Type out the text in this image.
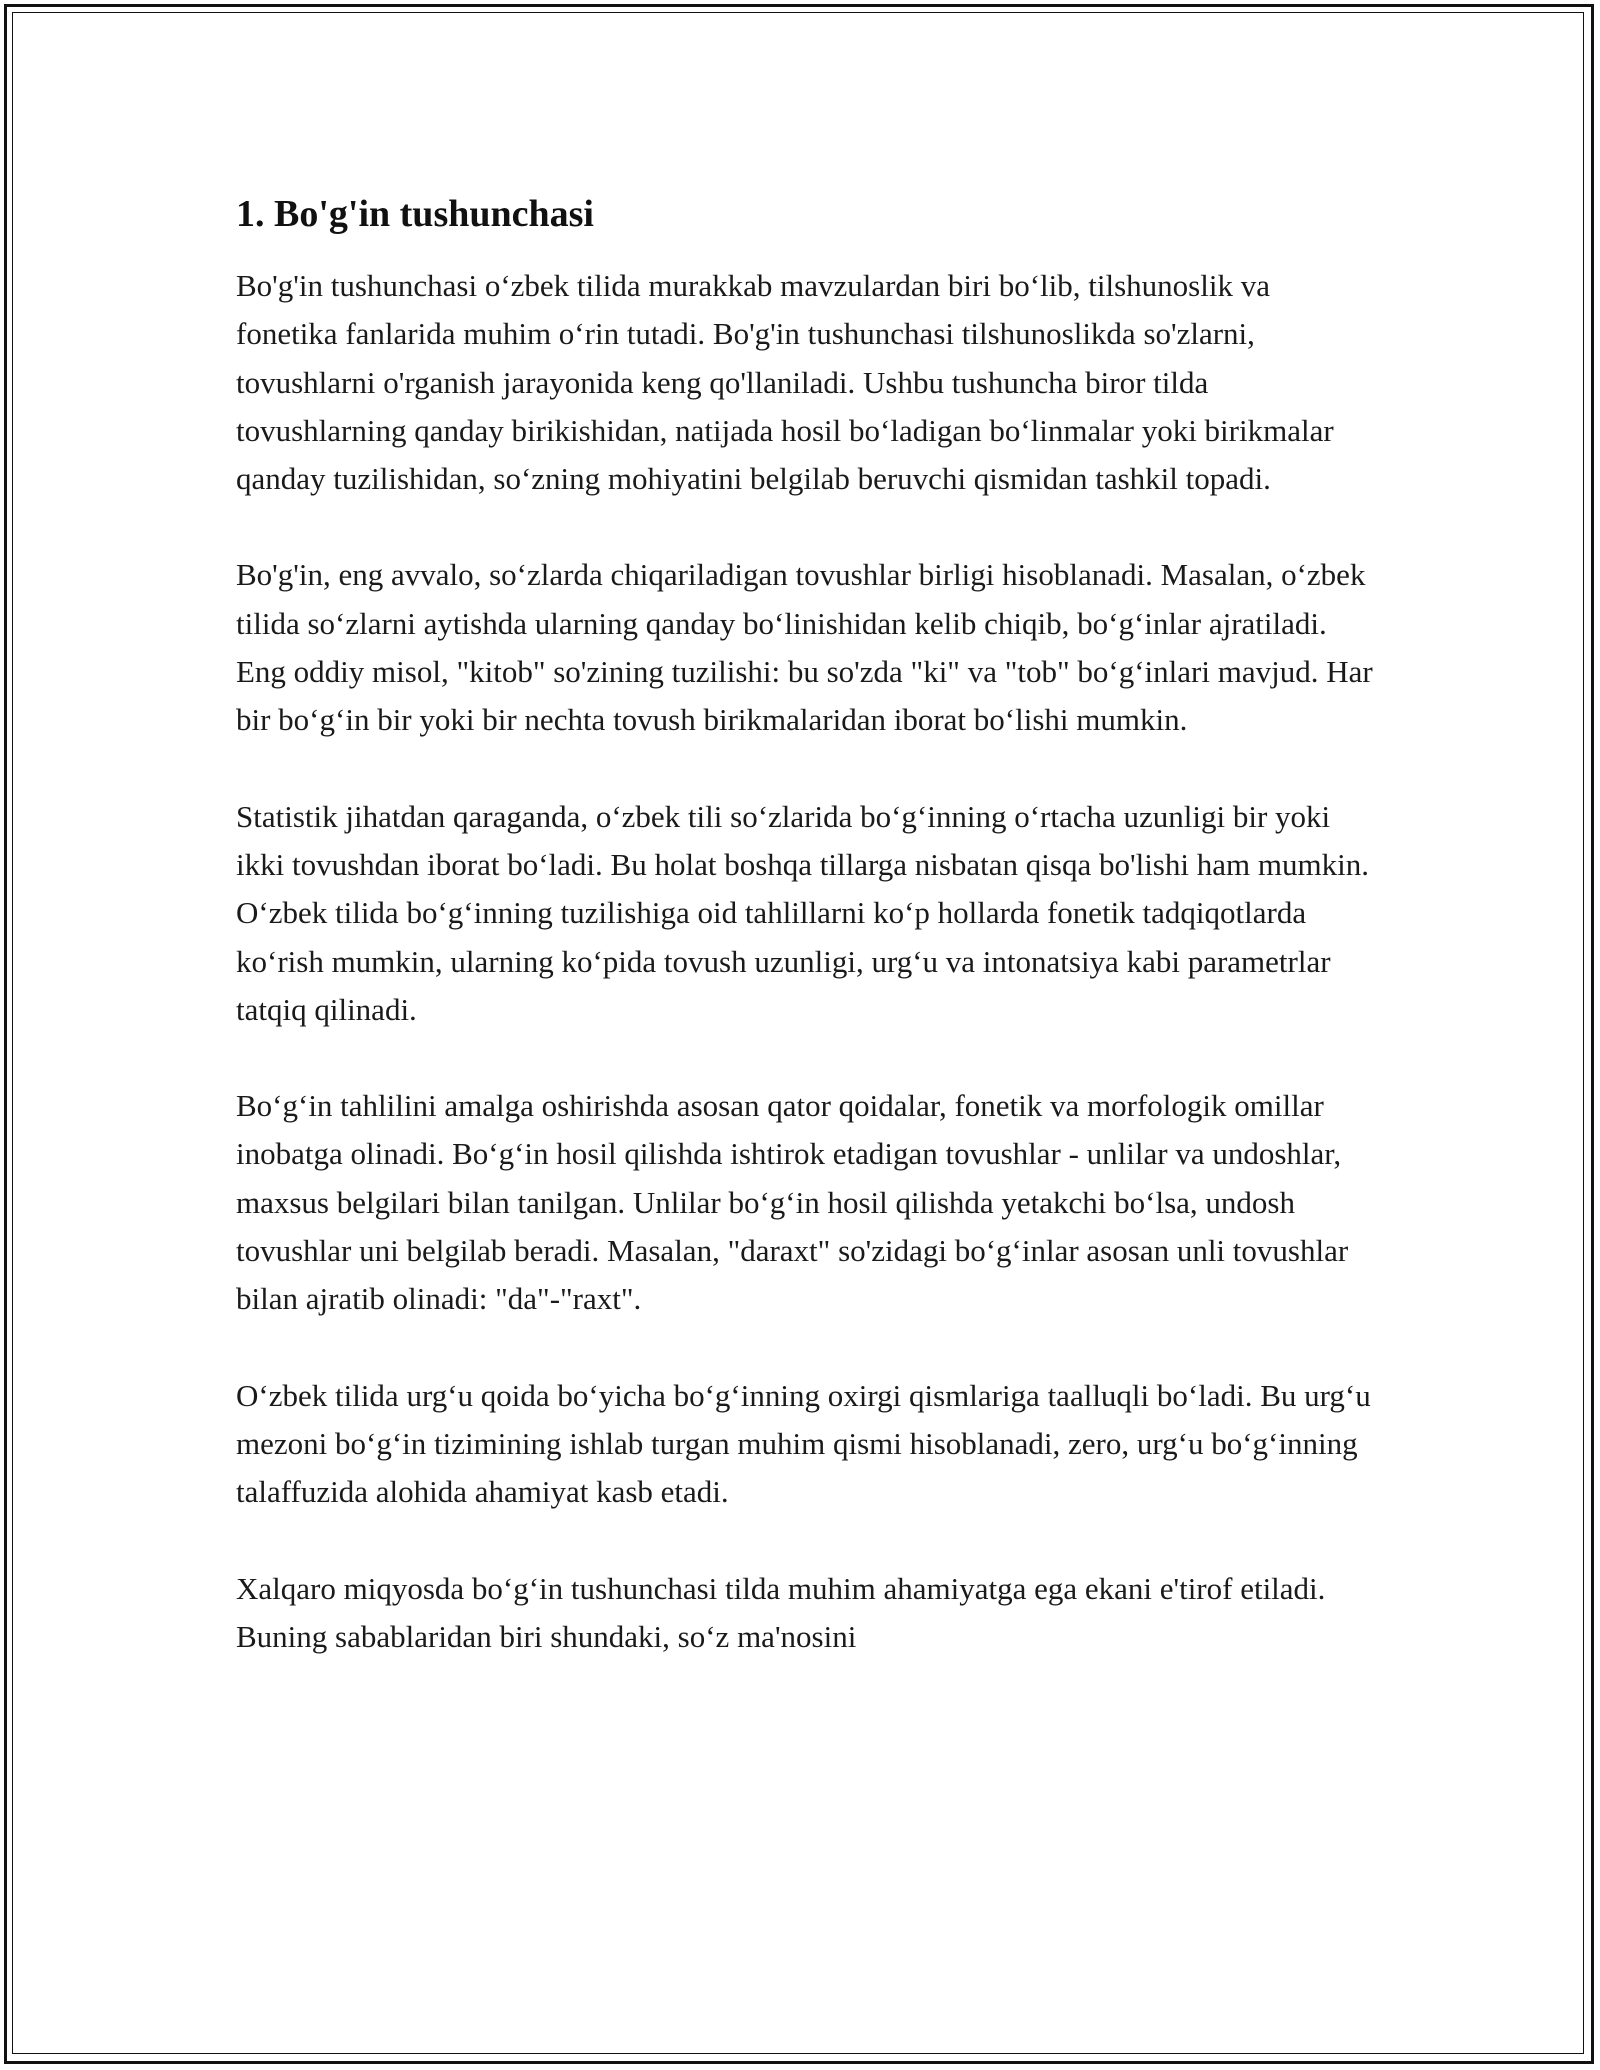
1. Bo'g'in tushunchasi

Bo'g'in tushunchasi o‘zbek tilida murakkab mavzulardan biri bo‘lib, tilshunoslik va fonetika fanlarida muhim o‘rin tutadi. Bo'g'in tushunchasi tilshunoslikda so'zlarni, tovushlarni o'rganish jarayonida keng qo'llaniladi. Ushbu tushuncha biror tilda tovushlarning qanday birikishidan, natijada hosil bo‘ladigan bo‘linmalar yoki birikmalar qanday tuzilishidan, so‘zning mohiyatini belgilab beruvchi qismidan tashkil topadi.

Bo'g'in, eng avvalo, so‘zlarda chiqariladigan tovushlar birligi hisoblanadi. Masalan, o‘zbek tilida so‘zlarni aytishda ularning qanday bo‘linishidan kelib chiqib, bo‘g‘inlar ajratiladi. Eng oddiy misol, "kitob" so'zining tuzilishi: bu so'zda "ki" va "tob" bo‘g‘inlari mavjud. Har bir bo‘g‘in bir yoki bir nechta tovush birikmalaridan iborat bo‘lishi mumkin.

Statistik jihatdan qaraganda, o‘zbek tili so‘zlarida bo‘g‘inning o‘rtacha uzunligi bir yoki ikki tovushdan iborat bo‘ladi. Bu holat boshqa tillarga nisbatan qisqa bo'lishi ham mumkin. O‘zbek tilida bo‘g‘inning tuzilishiga oid tahlillarni ko‘p hollarda fonetik tadqiqotlarda ko‘rish mumkin, ularning ko‘pida tovush uzunligi, urg‘u va intonatsiya kabi parametrlar tatqiq qilinadi.

Bo‘g‘in tahlilini amalga oshirishda asosan qator qoidalar, fonetik va morfologik omillar inobatga olinadi. Bo‘g‘in hosil qilishda ishtirok etadigan tovushlar - unlilar va undoshlar, maxsus belgilari bilan tanilgan. Unlilar bo‘g‘in hosil qilishda yetakchi bo‘lsa, undosh tovushlar uni belgilab beradi. Masalan, "daraxt" so'zidagi bo‘g‘inlar asosan unli tovushlar bilan ajratib olinadi: "da"-"raxt".

O‘zbek tilida urg‘u qoida bo‘yicha bo‘g‘inning oxirgi qismlariga taalluqli bo‘ladi. Bu urg‘u mezoni bo‘g‘in tizimining ishlab turgan muhim qismi hisoblanadi, zero, urg‘u bo‘g‘inning talaffuzida alohida ahamiyat kasb etadi.

Xalqaro miqyosda bo‘g‘in tushunchasi tilda muhim ahamiyatga ega ekani e'tirof etiladi. Buning sabablaridan biri shundaki, so‘z ma'nosini
